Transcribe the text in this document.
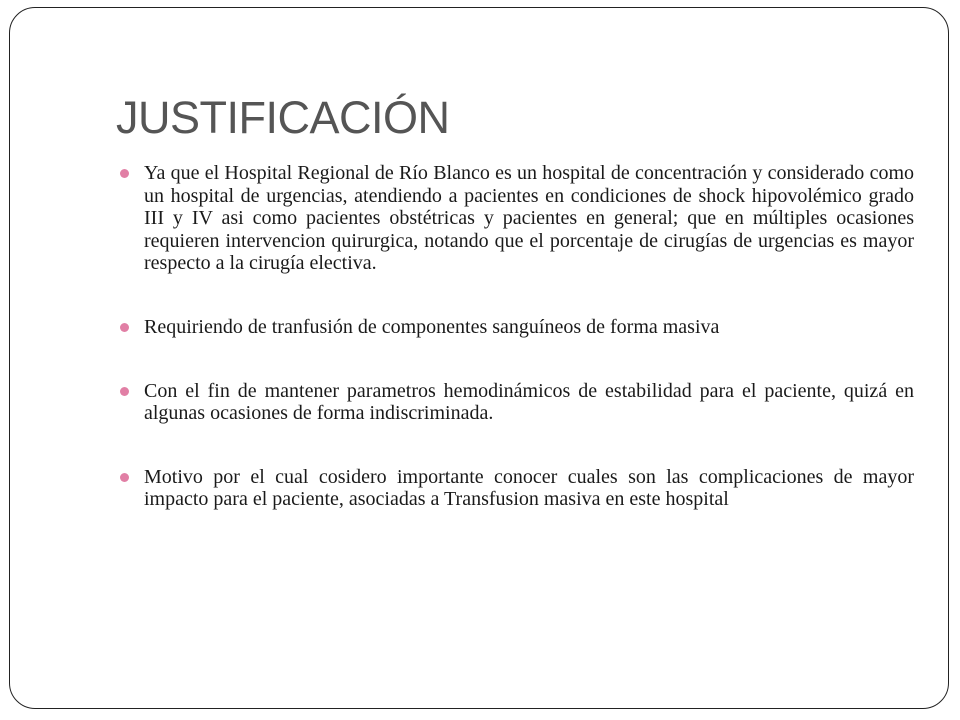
JUSTIFICACIÓN

Ya que el Hospital Regional de Río Blanco es un hospital de concentración y considerado como un hospital de urgencias, atendiendo a pacientes en condiciones de shock hipovolémico grado III y IV asi como pacientes obstétricas y pacientes en general; que en múltiples ocasiones requieren intervencion quirurgica, notando que el porcentaje de cirugías de urgencias es mayor respecto a la cirugía electiva.

Requiriendo de tranfusión de componentes sanguíneos de forma masiva

Con el fin de mantener parametros hemodinámicos de estabilidad para el paciente, quizá en algunas ocasiones de forma indiscriminada.

Motivo por el cual cosidero importante conocer cuales son las complicaciones de mayor impacto para el paciente, asociadas a Transfusion masiva en este hospital
